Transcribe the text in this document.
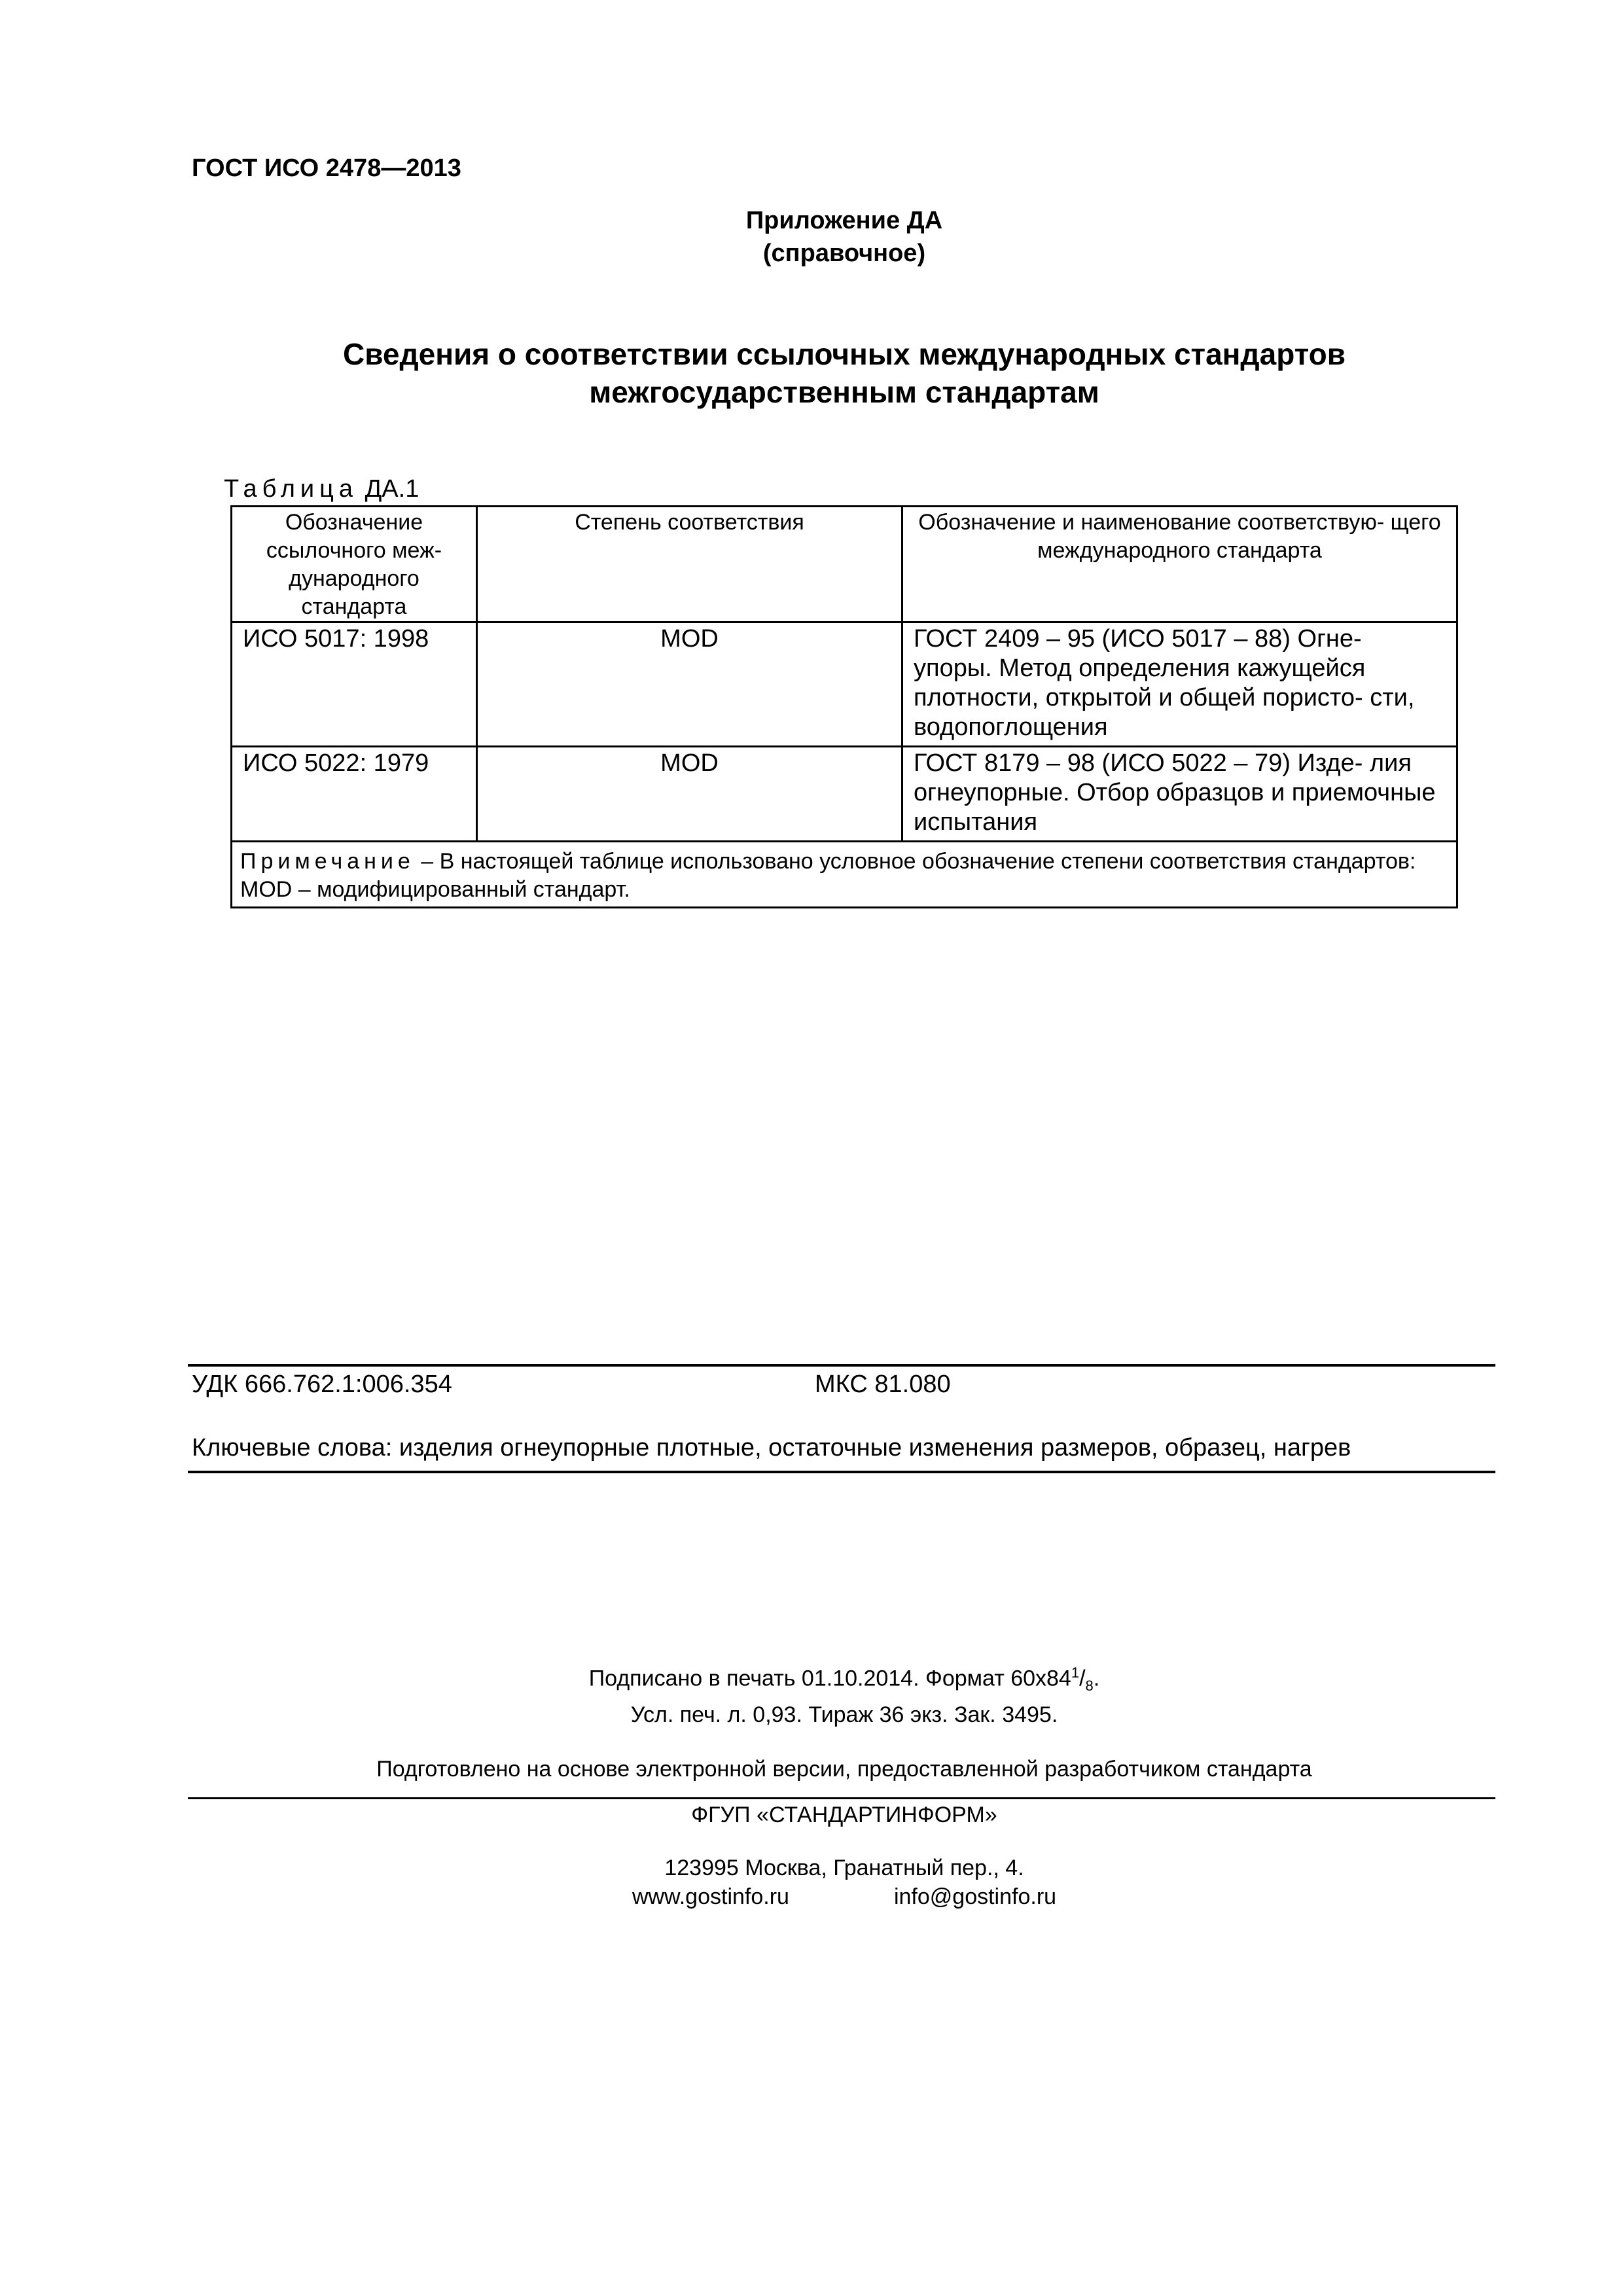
ГОСТ ИСО 2478—2013
Приложение ДА
(справочное)
Сведения о соответствии ссылочных международных стандартов
межгосударственным стандартам
Таблица ДА.1
Обозначение ссылочного меж- дународного стандарта	Степень соответствия	Обозначение и наименование соответствую- щего международного стандарта
ИСО 5017: 1998	MOD	ГОСТ 2409 – 95 (ИСО 5017 – 88) Огне- упоры. Метод определения кажущейся плотности, открытой и общей пористо- сти, водопоглощения
ИСО 5022: 1979	MOD	ГОСТ 8179 – 98 (ИСО 5022 – 79) Изде- лия огнеупорные. Отбор образцов и приемочные испытания
Примечание – В настоящей таблице использовано условное обозначение степени соответствия стандартов:
MOD – модифицированный стандарт.		
УДК 666.762.1:006.354	МКС 81.080
Ключевые слова: изделия огнеупорные плотные, остаточные изменения размеров, образец, нагрев
Подписано в печать 01.10.2014. Формат $60x84^1/_8$.
Усл. печ. л. 0,93. Тираж 36 экз. Зак. 3495.
Подготовлено на основе электронной версии, предоставленной разработчиком стандарта
ФГУП «СТАНДАРТИНФОРМ»
123995 Москва, Гранатный пер., 4.
www.gostinfo.ru	info@gostinfo.ru
